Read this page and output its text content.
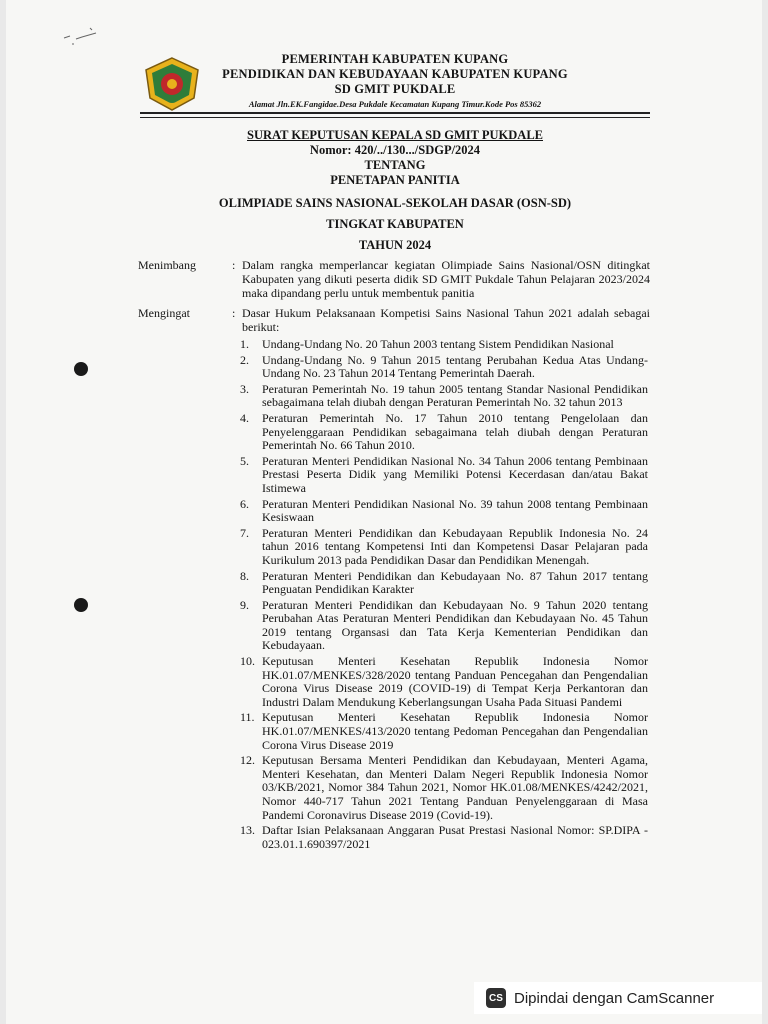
PEMERINTAH KABUPATEN KUPANG
PENDIDIKAN DAN KEBUDAYAAN KABUPATEN KUPANG
SD GMIT PUKDALE
Alamat Jln.EK.Fangidae.Desa Pukdale Kecamatan Kupang Timur.Kode Pos 85362
SURAT KEPUTUSAN KEPALA SD GMIT PUKDALE
Nomor: 420/../130.../SDGP/2024
TENTANG
PENETAPAN PANITIA
OLIMPIADE SAINS NASIONAL-SEKOLAH DASAR (OSN-SD)
TINGKAT KABUPATEN
TAHUN 2024
Menimbang	: Dalam rangka memperlancar kegiatan Olimpiade Sains Nasional/OSN ditingkat Kabupaten yang dikuti peserta didik SD GMIT Pukdale Tahun Pelajaran 2023/2024 maka dipandang perlu untuk membentuk panitia
Mengingat	: Dasar Hukum Pelaksanaan Kompetisi Sains Nasional Tahun 2021 adalah sebagai berikut:
1. Undang-Undang No. 20 Tahun 2003 tentang Sistem Pendidikan Nasional
2. Undang-Undang No. 9 Tahun 2015 tentang Perubahan Kedua Atas Undang-Undang No. 23 Tahun 2014 Tentang Pemerintah Daerah.
3. Peraturan Pemerintah No. 19 tahun 2005 tentang Standar Nasional Pendidikan sebagaimana telah diubah dengan Peraturan Pemerintah No. 32 tahun 2013
4. Peraturan Pemerintah No. 17 Tahun 2010 tentang Pengelolaan dan Penyelenggaraan Pendidikan sebagaimana telah diubah dengan Peraturan Pemerintah No. 66 Tahun 2010.
5. Peraturan Menteri Pendidikan Nasional No. 34 Tahun 2006 tentang Pembinaan Prestasi Peserta Didik yang Memiliki Potensi Kecerdasan dan/atau Bakat Istimewa
6. Peraturan Menteri Pendidikan Nasional No. 39 tahun 2008 tentang Pembinaan Kesiswaan
7. Peraturan Menteri Pendidikan dan Kebudayaan Republik Indonesia No. 24 tahun 2016 tentang Kompetensi Inti dan Kompetensi Dasar Pelajaran pada Kurikulum 2013 pada Pendidikan Dasar dan Pendidikan Menengah.
8. Peraturan Menteri Pendidikan dan Kebudayaan No. 87 Tahun 2017 tentang Penguatan Pendidikan Karakter
9. Peraturan Menteri Pendidikan dan Kebudayaan No. 9 Tahun 2020 tentang Perubahan Atas Peraturan Menteri Pendidikan dan Kebudayaan No. 45 Tahun 2019 tentang Organsasi dan Tata Kerja Kementerian Pendidikan dan Kebudayaan.
10. Keputusan Menteri Kesehatan Republik Indonesia Nomor HK.01.07/MENKES/328/2020 tentang Panduan Pencegahan dan Pengendalian Corona Virus Disease 2019 (COVID-19) di Tempat Kerja Perkantoran dan Industri Dalam Mendukung Keberlangsungan Usaha Pada Situasi Pandemi
11. Keputusan Menteri Kesehatan Republik Indonesia Nomor HK.01.07/MENKES/413/2020 tentang Pedoman Pencegahan dan Pengendalian Corona Virus Disease 2019
12. Keputusan Bersama Menteri Pendidikan dan Kebudayaan, Menteri Agama, Menteri Kesehatan, dan Menteri Dalam Negeri Republik Indonesia Nomor 03/KB/2021, Nomor 384 Tahun 2021, Nomor HK.01.08/MENKES/4242/2021, Nomor 440-717 Tahun 2021 Tentang Panduan Penyelenggaraan di Masa Pandemi Coronavirus Disease 2019 (Covid-19).
13. Daftar Isian Pelaksanaan Anggaran Pusat Prestasi Nasional Nomor: SP.DIPA - 023.01.1.690397/2021
CS Dipindai dengan CamScanner
